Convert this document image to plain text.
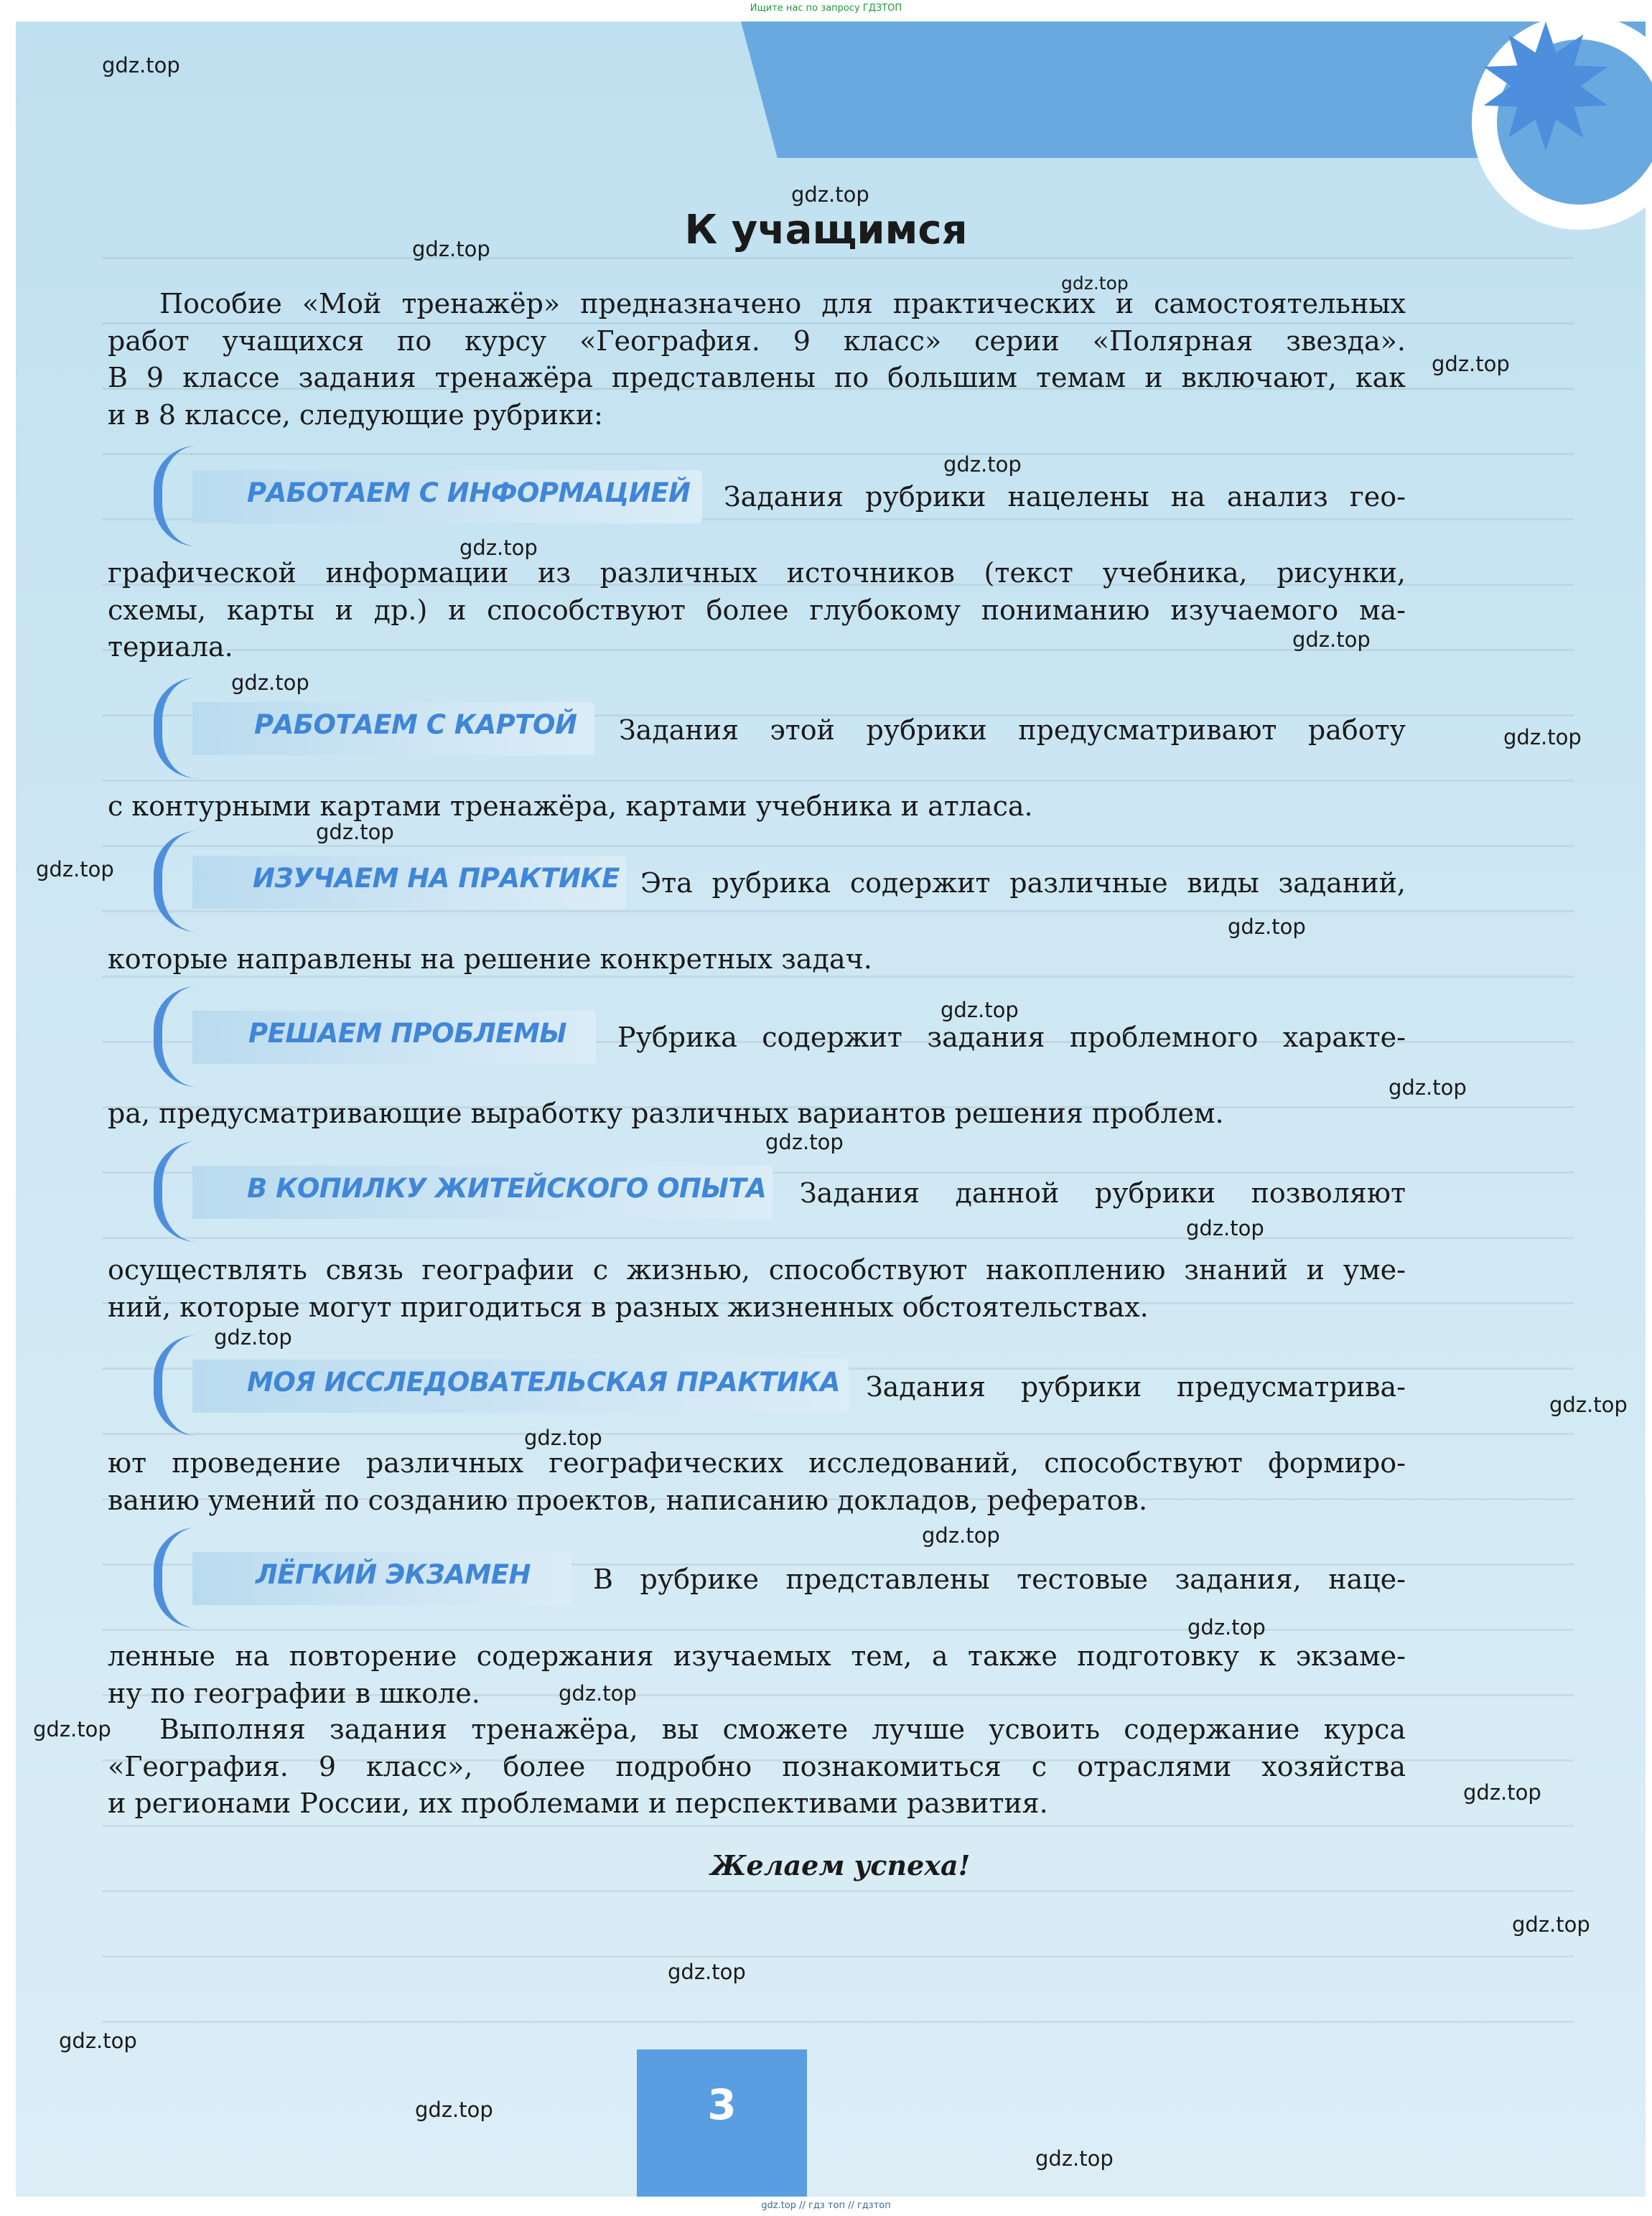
Ищите нас по запросу ГДЗТОП
К учащимся

Пособие «Мой тренажёр» предназначено для практических и самостоятельных
работ учащихся по курсу «География. 9 класс» серии «Полярная звезда».
В 9 классе задания тренажёра представлены по большим темам и включают, как
и в 8 классе, следующие рубрики:

РАБОТАЕМ С ИНФОРМАЦИЕЙ Задания рубрики нацелены на анализ гео-

графической информации из различных источников (текст учебника, рисунки,
схемы, карты и др.) и способствуют более глубокому пониманию изучаемого ма-
териала.

РАБОТАЕМ С КАРТОЙ Задания этой рубрики предусматривают работу

с контурными картами тренажёра, картами учебника и атласа.

ИЗУЧАЕМ НА ПРАКТИКЕ Эта рубрика содержит различные виды заданий,

которые направлены на решение конкретных задач.

РЕШАЕМ ПРОБЛЕМЫ Рубрика содержит задания проблемного характе-

ра, предусматривающие выработку различных вариантов решения проблем.

В КОПИЛКУ ЖИТЕЙСКОГО ОПЫТА Задания данной рубрики позволяют

осуществлять связь географии с жизнью, способствуют накоплению знаний и уме-
ний, которые могут пригодиться в разных жизненных обстоятельствах.

МОЯ ИССЛЕДОВАТЕЛЬСКАЯ ПРАКТИКА Задания рубрики предусматрива-

ют проведение различных географических исследований, способствуют формиро-
ванию умений по созданию проектов, написанию докладов, рефератов.

ЛЁГКИЙ ЭКЗАМЕН В рубрике представлены тестовые задания, наце-

ленные на повторение содержания изучаемых тем, а также подготовку к экзаме-
ну по географии в школе.

Выполняя задания тренажёра, вы сможете лучше усвоить содержание курса
«География. 9 класс», более подробно познакомиться с отраслями хозяйства
и регионами России, их проблемами и перспективами развития.

Желаем успеха!
3
gdz.top
gdz.top
gdz.top
gdz.top
gdz.top
gdz.top
gdz.top
gdz.top
gdz.top
gdz.top
gdz.top
gdz.top
gdz.top
gdz.top
gdz.top
gdz.top
gdz.top
gdz.top
gdz.top
gdz.top
gdz.top
gdz.top
gdz.top
gdz.top
gdz.top
gdz.top
gdz.top
gdz.top
gdz.top
gdz.top
gdz.top // гдз топ // гдзтоп
